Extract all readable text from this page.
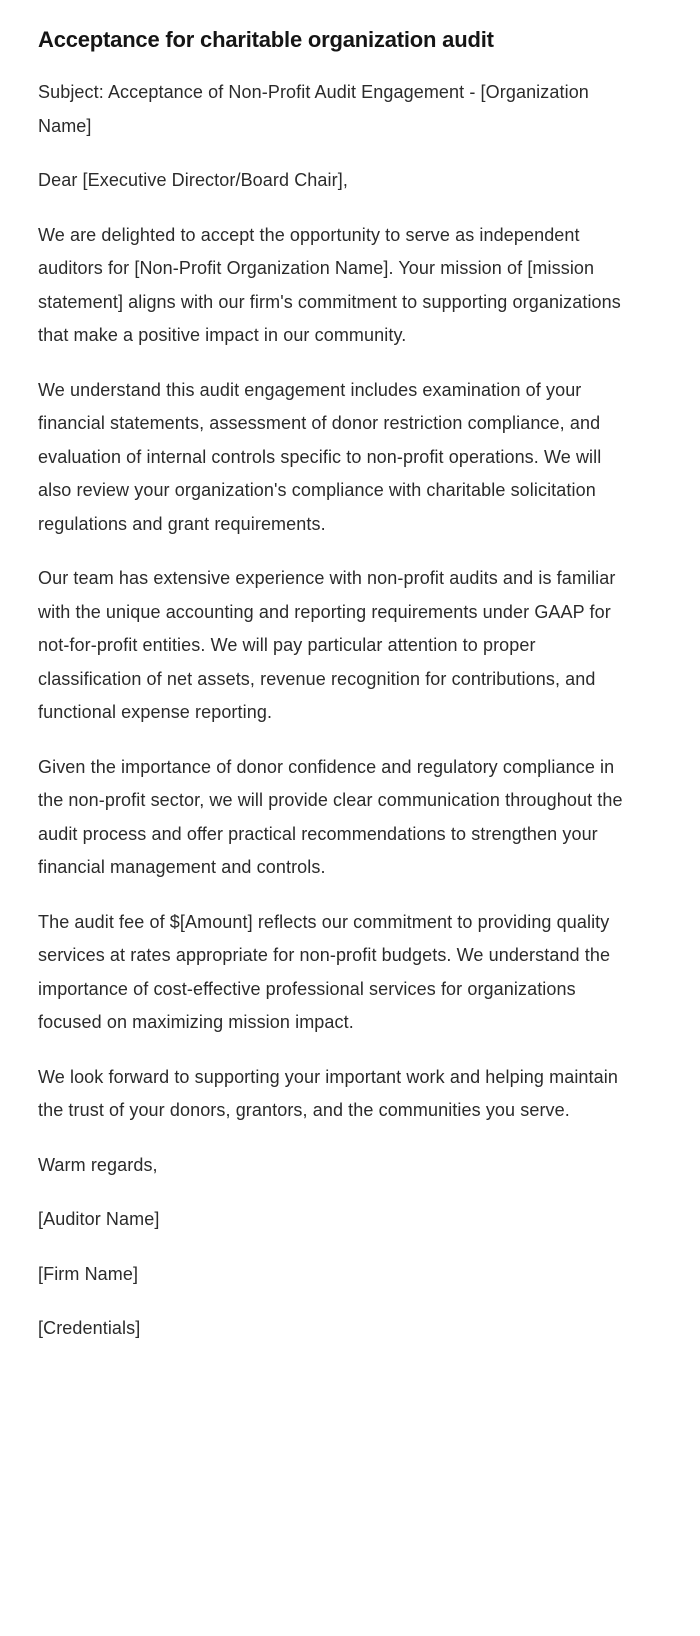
Acceptance for charitable organization audit

Subject: Acceptance of Non-Profit Audit Engagement - [Organization Name]

Dear [Executive Director/Board Chair],

We are delighted to accept the opportunity to serve as independent auditors for [Non-Profit Organization Name]. Your mission of [mission statement] aligns with our firm's commitment to supporting organizations that make a positive impact in our community.

We understand this audit engagement includes examination of your financial statements, assessment of donor restriction compliance, and evaluation of internal controls specific to non-profit operations. We will also review your organization's compliance with charitable solicitation regulations and grant requirements.

Our team has extensive experience with non-profit audits and is familiar with the unique accounting and reporting requirements under GAAP for not-for-profit entities. We will pay particular attention to proper classification of net assets, revenue recognition for contributions, and functional expense reporting.

Given the importance of donor confidence and regulatory compliance in the non-profit sector, we will provide clear communication throughout the audit process and offer practical recommendations to strengthen your financial management and controls.

The audit fee of $[Amount] reflects our commitment to providing quality services at rates appropriate for non-profit budgets. We understand the importance of cost-effective professional services for organizations focused on maximizing mission impact.

We look forward to supporting your important work and helping maintain the trust of your donors, grantors, and the communities you serve.

Warm regards,

[Auditor Name]

[Firm Name]

[Credentials]
